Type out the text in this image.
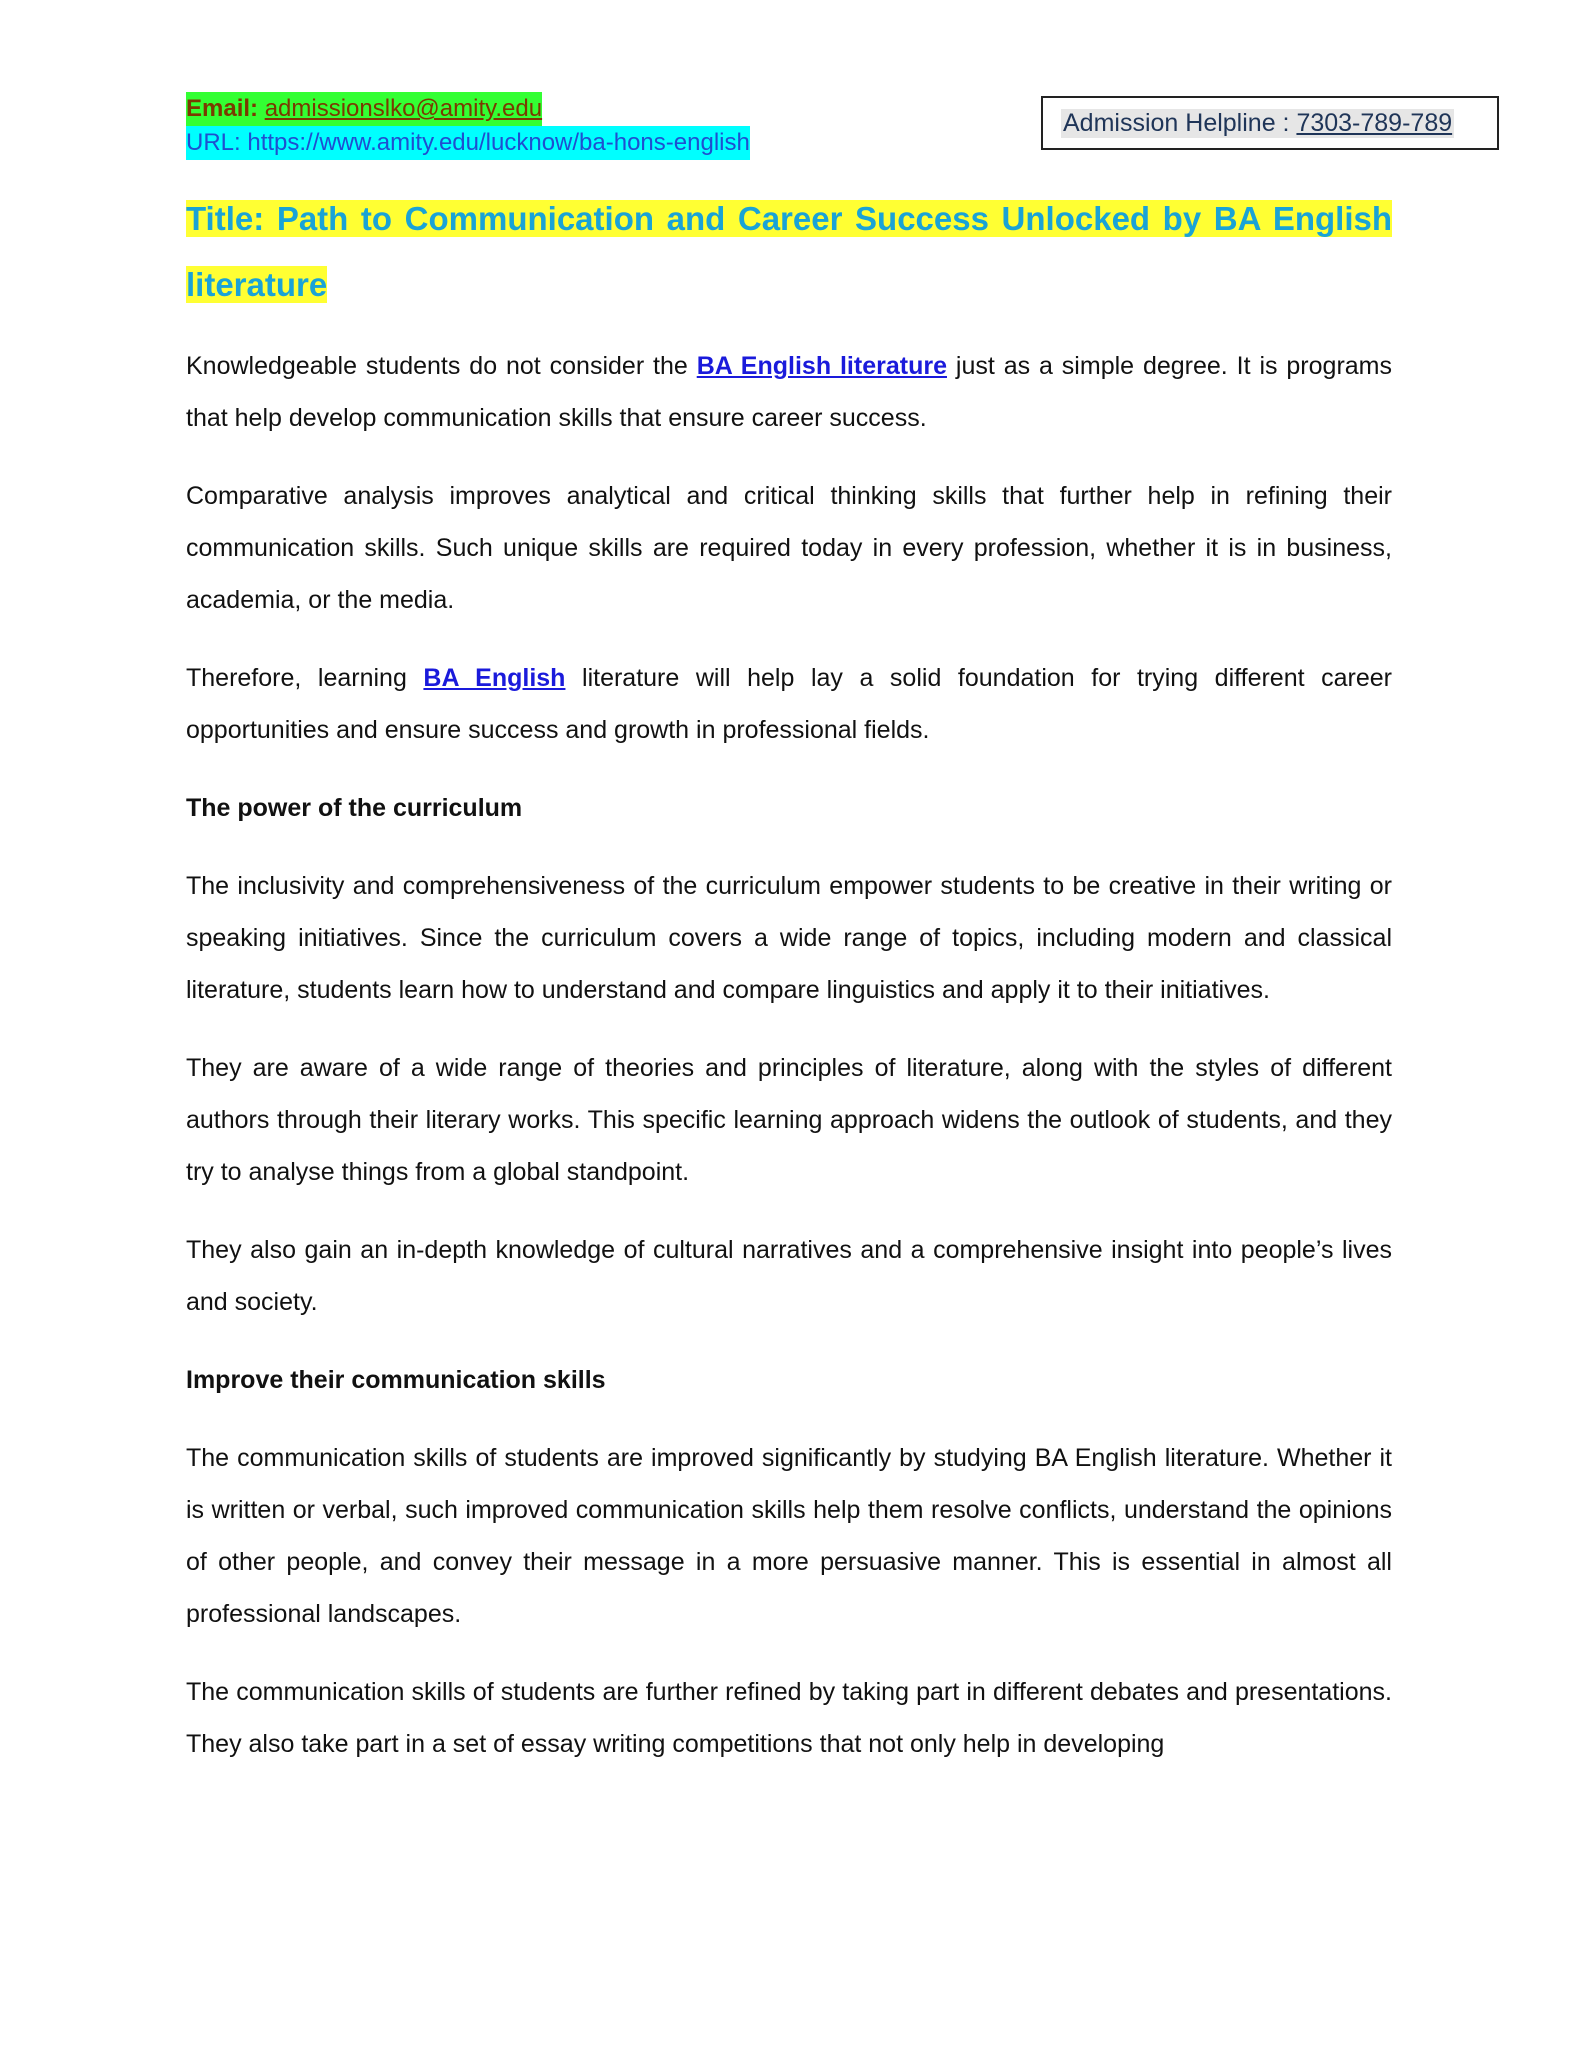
Email: admissionslko@amity.edu
URL: https://www.amity.edu/lucknow/ba-hons-english
Admission Helpline : 7303-789-789
Title: Path to Communication and Career Success Unlocked by BA English literature

Knowledgeable students do not consider the BA English literature just as a simple degree. It is programs that help develop communication skills that ensure career success.

Comparative analysis improves analytical and critical thinking skills that further help in refining their communication skills. Such unique skills are required today in every profession, whether it is in business, academia, or the media.

Therefore, learning BA English literature will help lay a solid foundation for trying different career opportunities and ensure success and growth in professional fields.

The power of the curriculum

The inclusivity and comprehensiveness of the curriculum empower students to be creative in their writing or speaking initiatives. Since the curriculum covers a wide range of topics, including modern and classical literature, students learn how to understand and compare linguistics and apply it to their initiatives.

They are aware of a wide range of theories and principles of literature, along with the styles of different authors through their literary works. This specific learning approach widens the outlook of students, and they try to analyse things from a global standpoint.

They also gain an in-depth knowledge of cultural narratives and a comprehensive insight into people’s lives and society.

Improve their communication skills

The communication skills of students are improved significantly by studying BA English literature. Whether it is written or verbal, such improved communication skills help them resolve conflicts, understand the opinions of other people, and convey their message in a more persuasive manner. This is essential in almost all professional landscapes.

The communication skills of students are further refined by taking part in different debates and presentations. They also take part in a set of essay writing competitions that not only help in developing
